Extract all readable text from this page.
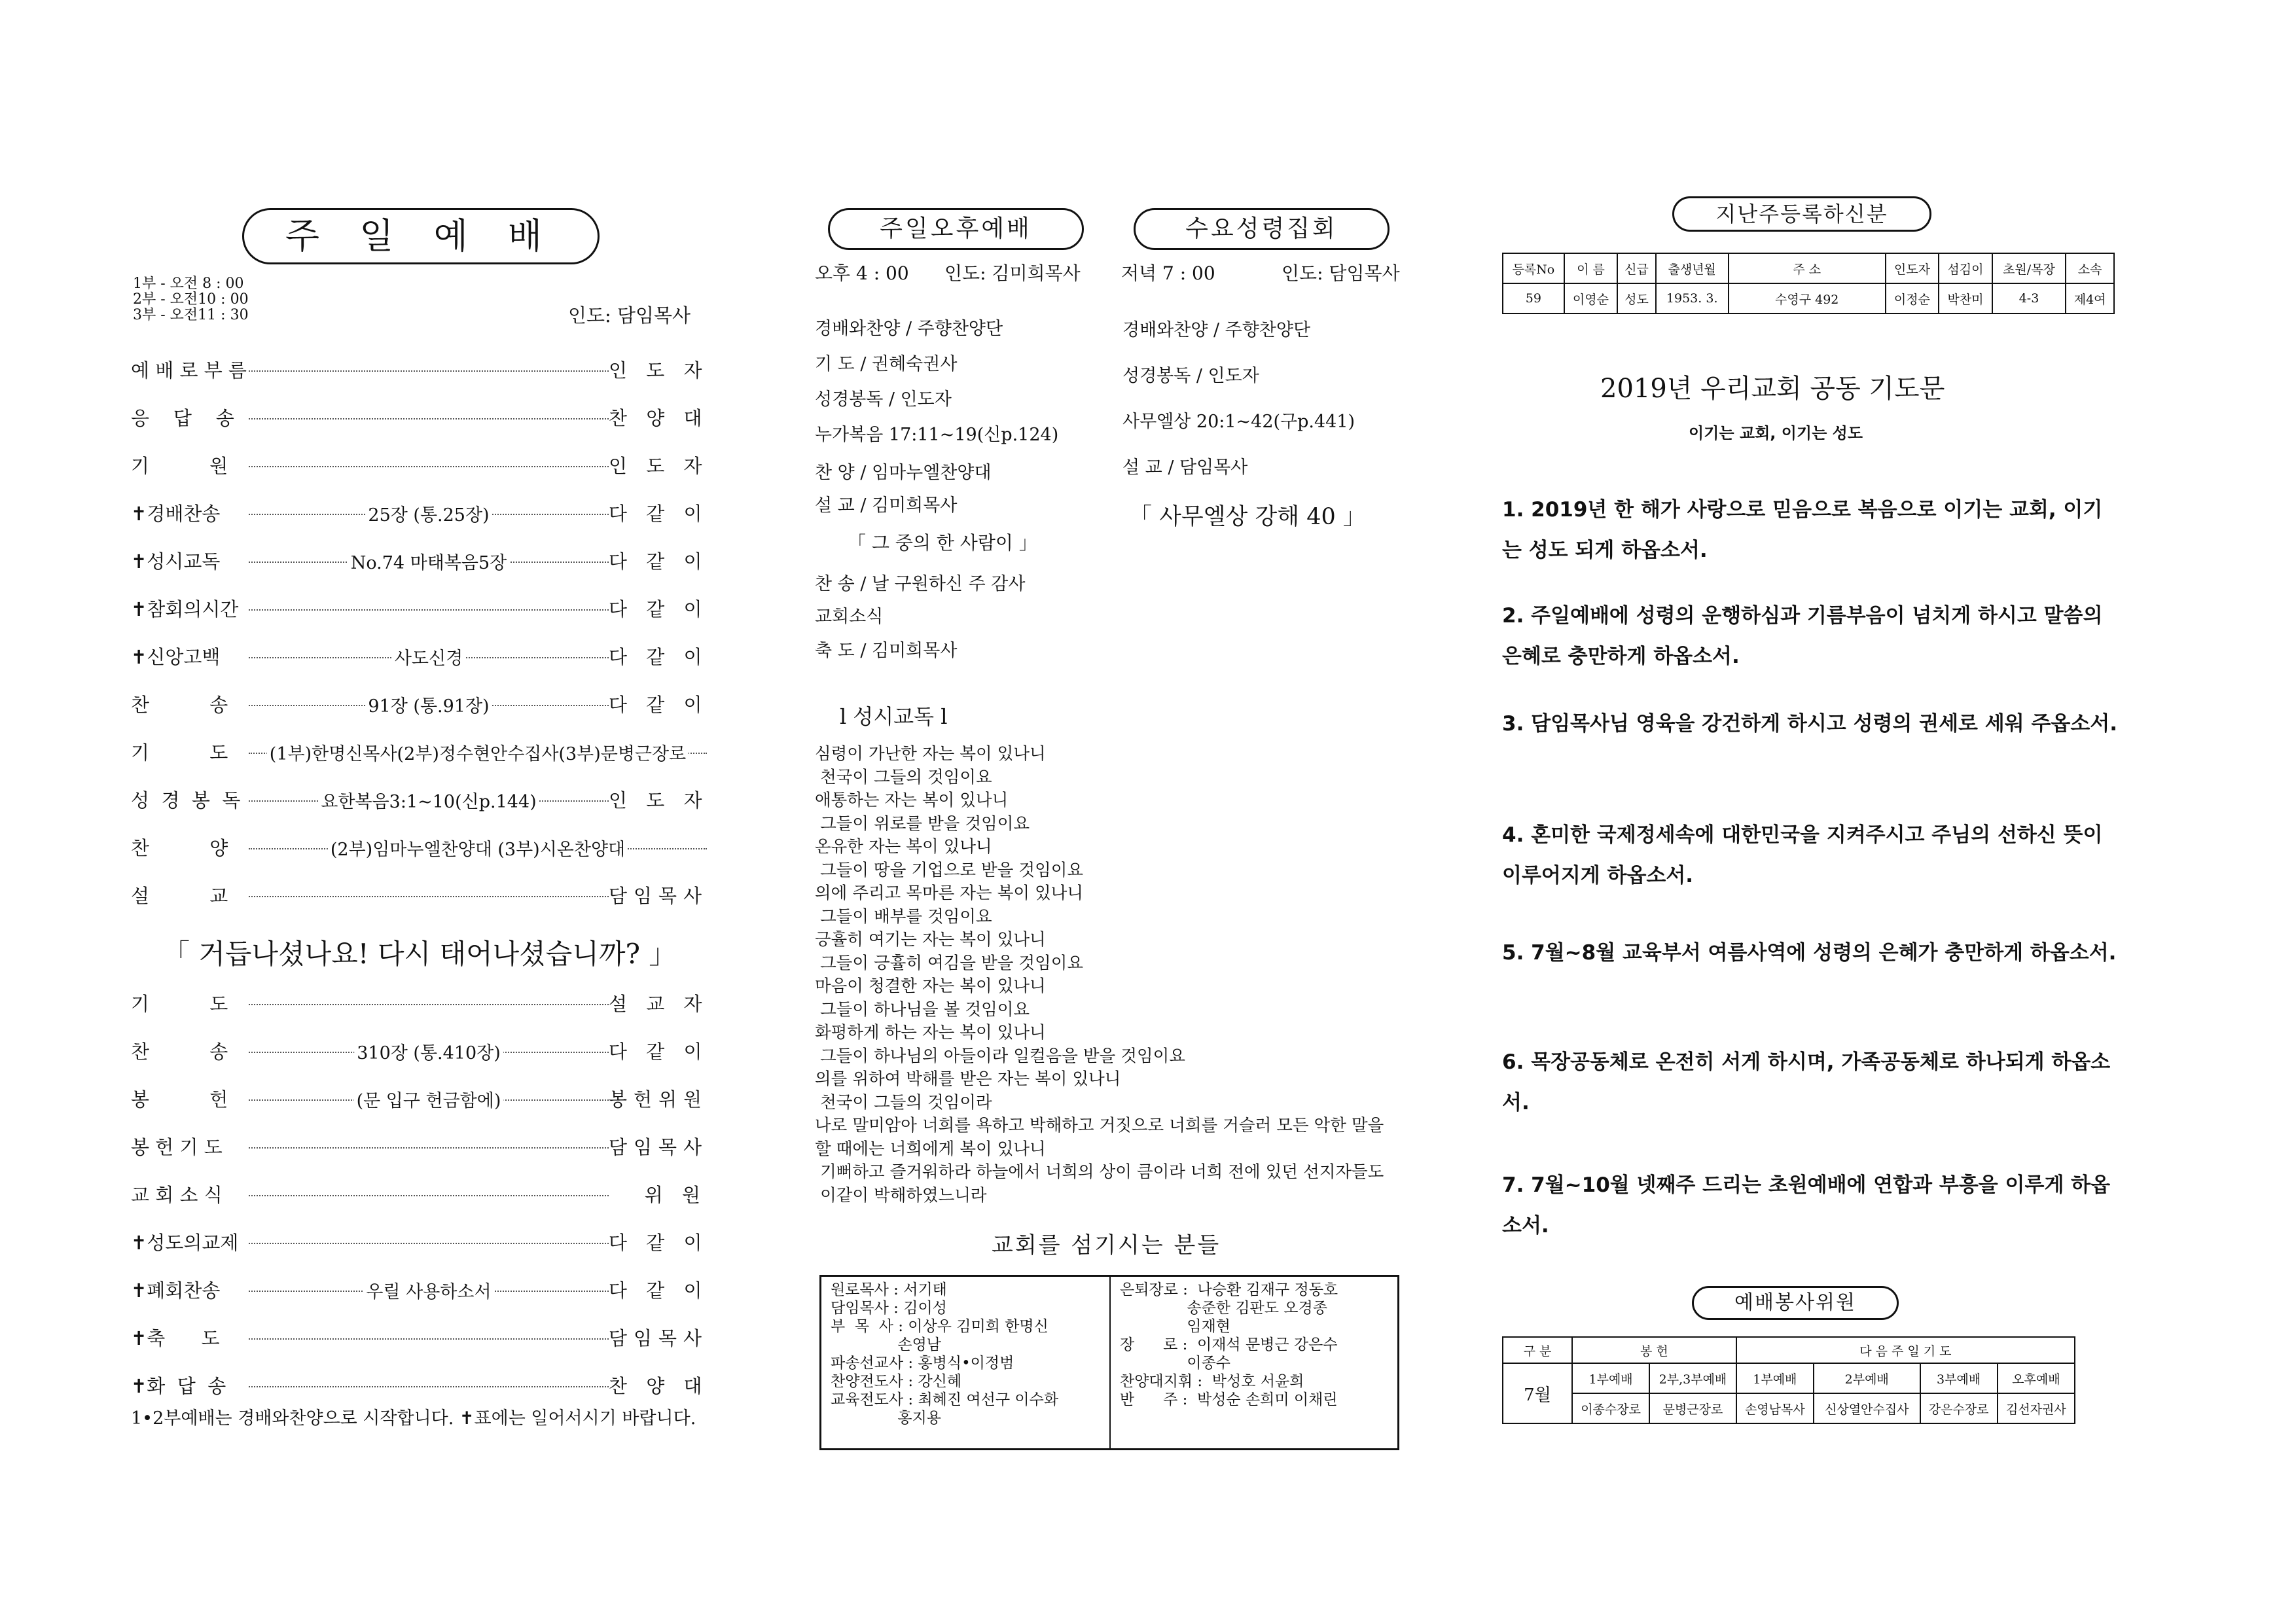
주 일 예 배
1부 - 오전 8 : 00
2부 - 오전10 : 00
3부 - 오전11 : 30	인도: 담임목사
예 배 로 부 름	인 도 자
응    답    송	찬 양 대
기          원	인 도 자
✝경배찬송	25장 (통.25장)	다 같 이
✝성시교독	No.74 마태복음5장	다 같 이
✝참회의시간	다 같 이
✝신앙고백	사도신경	다 같 이
찬          송	91장 (통.91장)	다 같 이
기          도	(1부)한명신목사(2부)정수현안수집사(3부)문병근장로
성  경  봉  독	요한복음3:1~10(신p.144)	인 도 자
찬          양	(2부)임마누엘찬양대 (3부)시온찬양대
설          교	담임목사
「 거듭나셨나요! 다시 태어나셨습니까? 」
기          도	설 교 자
찬          송	310장 (통.410장)	다 같 이
봉          헌	(문 입구 헌금함에)	봉헌위원
봉 헌 기 도	담임목사
교 회 소 식	위 원
✝성도의교제	다 같 이
✝폐회찬송	우릴 사용하소서	다 같 이
✝축      도	담임목사
✝화  답  송	찬 양 대
1•2부예배는 경배와찬양으로 시작합니다. ✝표에는 일어서시기 바랍니다.
주일오후예배	수요성령집회
오후 4 : 00 인도: 김미희목사 저녁 7 : 00	인도: 담임목사
경배와찬양 / 주향찬양단
기 도 / 권혜숙권사
성경봉독 / 인도자
누가복음 17:11~19(신p.124)
찬 양 / 임마누엘찬양대
설 교 / 김미희목사
「 그 중의 한 사람이 」
찬 송 / 날 구원하신 주 감사
교회소식
축 도 / 김미희목사
경배와찬양 / 주향찬양단
성경봉독 / 인도자
사무엘상 20:1~42(구p.441)
설 교 / 담임목사
「 사무엘상 강해 40 」
l 성시교독 l
심령이 가난한 자는 복이 있나니
천국이 그들의 것임이요
애통하는 자는 복이 있나니
그들이 위로를 받을 것임이요
온유한 자는 복이 있나니
그들이 땅을 기업으로 받을 것임이요
의에 주리고 목마른 자는 복이 있나니
그들이 배부를 것임이요
긍휼히 여기는 자는 복이 있나니
그들이 긍휼히 여김을 받을 것임이요
마음이 청결한 자는 복이 있나니
그들이 하나님을 볼 것임이요
화평하게 하는 자는 복이 있나니
그들이 하나님의 아들이라 일컬음을 받을 것임이요
의를 위하여 박해를 받은 자는 복이 있나니
천국이 그들의 것임이라
나로 말미암아 너희를 욕하고 박해하고 거짓으로 너희를 거슬러 모든 악한 말을
할 때에는 너희에게 복이 있나니
기뻐하고 즐거워하라 하늘에서 너희의 상이 큼이라 너희 전에 있던 선지자들도
이같이 박해하였느니라
교회를 섬기시는 분들
원로목사 : 서기태
담임목사 : 김이성
부  목  사 : 이상우 김미희 한명신
손영남
파송선교사 : 홍병식•이정범
찬양전도사 : 강신혜
교육전도사 : 최혜진 여선구 이수화
홍지용
은퇴장로 :  나승환 김재구 정동호
송준한 김판도 오경종
임재현
장      로 :  이재석 문병근 강은수
이종수
찬양대지휘 :  박성호 서윤희
반      주 :  박성순 손희미 이채린
지난주등록하신분
등록No	이 름	신급	출생년월	주 소	인도자	섬김이	초원/목장	소속
59	이영순	성도	1953. 3.	수영구 492	이정순	박찬미	4-3	제4여
2019년 우리교회 공동 기도문
이기는 교회, 이기는 성도
1. 2019년 한 해가 사랑으로 믿음으로 복음으로 이기는 교회, 이기는 성도 되게 하옵소서.
2. 주일예배에 성령의 운행하심과 기름부음이 넘치게 하시고 말씀의 은혜로 충만하게 하옵소서.
3. 담임목사님 영육을 강건하게 하시고 성령의 권세로 세워 주옵소서.
4. 혼미한 국제정세속에 대한민국을 지켜주시고 주님의 선하신 뜻이 이루어지게 하옵소서.
5. 7월~8월 교육부서 여름사역에 성령의 은혜가 충만하게 하옵소서.
6. 목장공동체로 온전히 서게 하시며, 가족공동체로 하나되게 하옵소서.
7. 7월~10월 넷째주 드리는 초원예배에 연합과 부흥을 이루게 하옵소서.
예배봉사위원
구 분	봉 헌		다 음 주 일 기 도			
7월	1부예배	2부,3부예배	1부예배	2부예배	3부예배	오후예배
	이종수장로	문병근장로	손영남목사	신상열안수집사	강은수장로	김선자권사
